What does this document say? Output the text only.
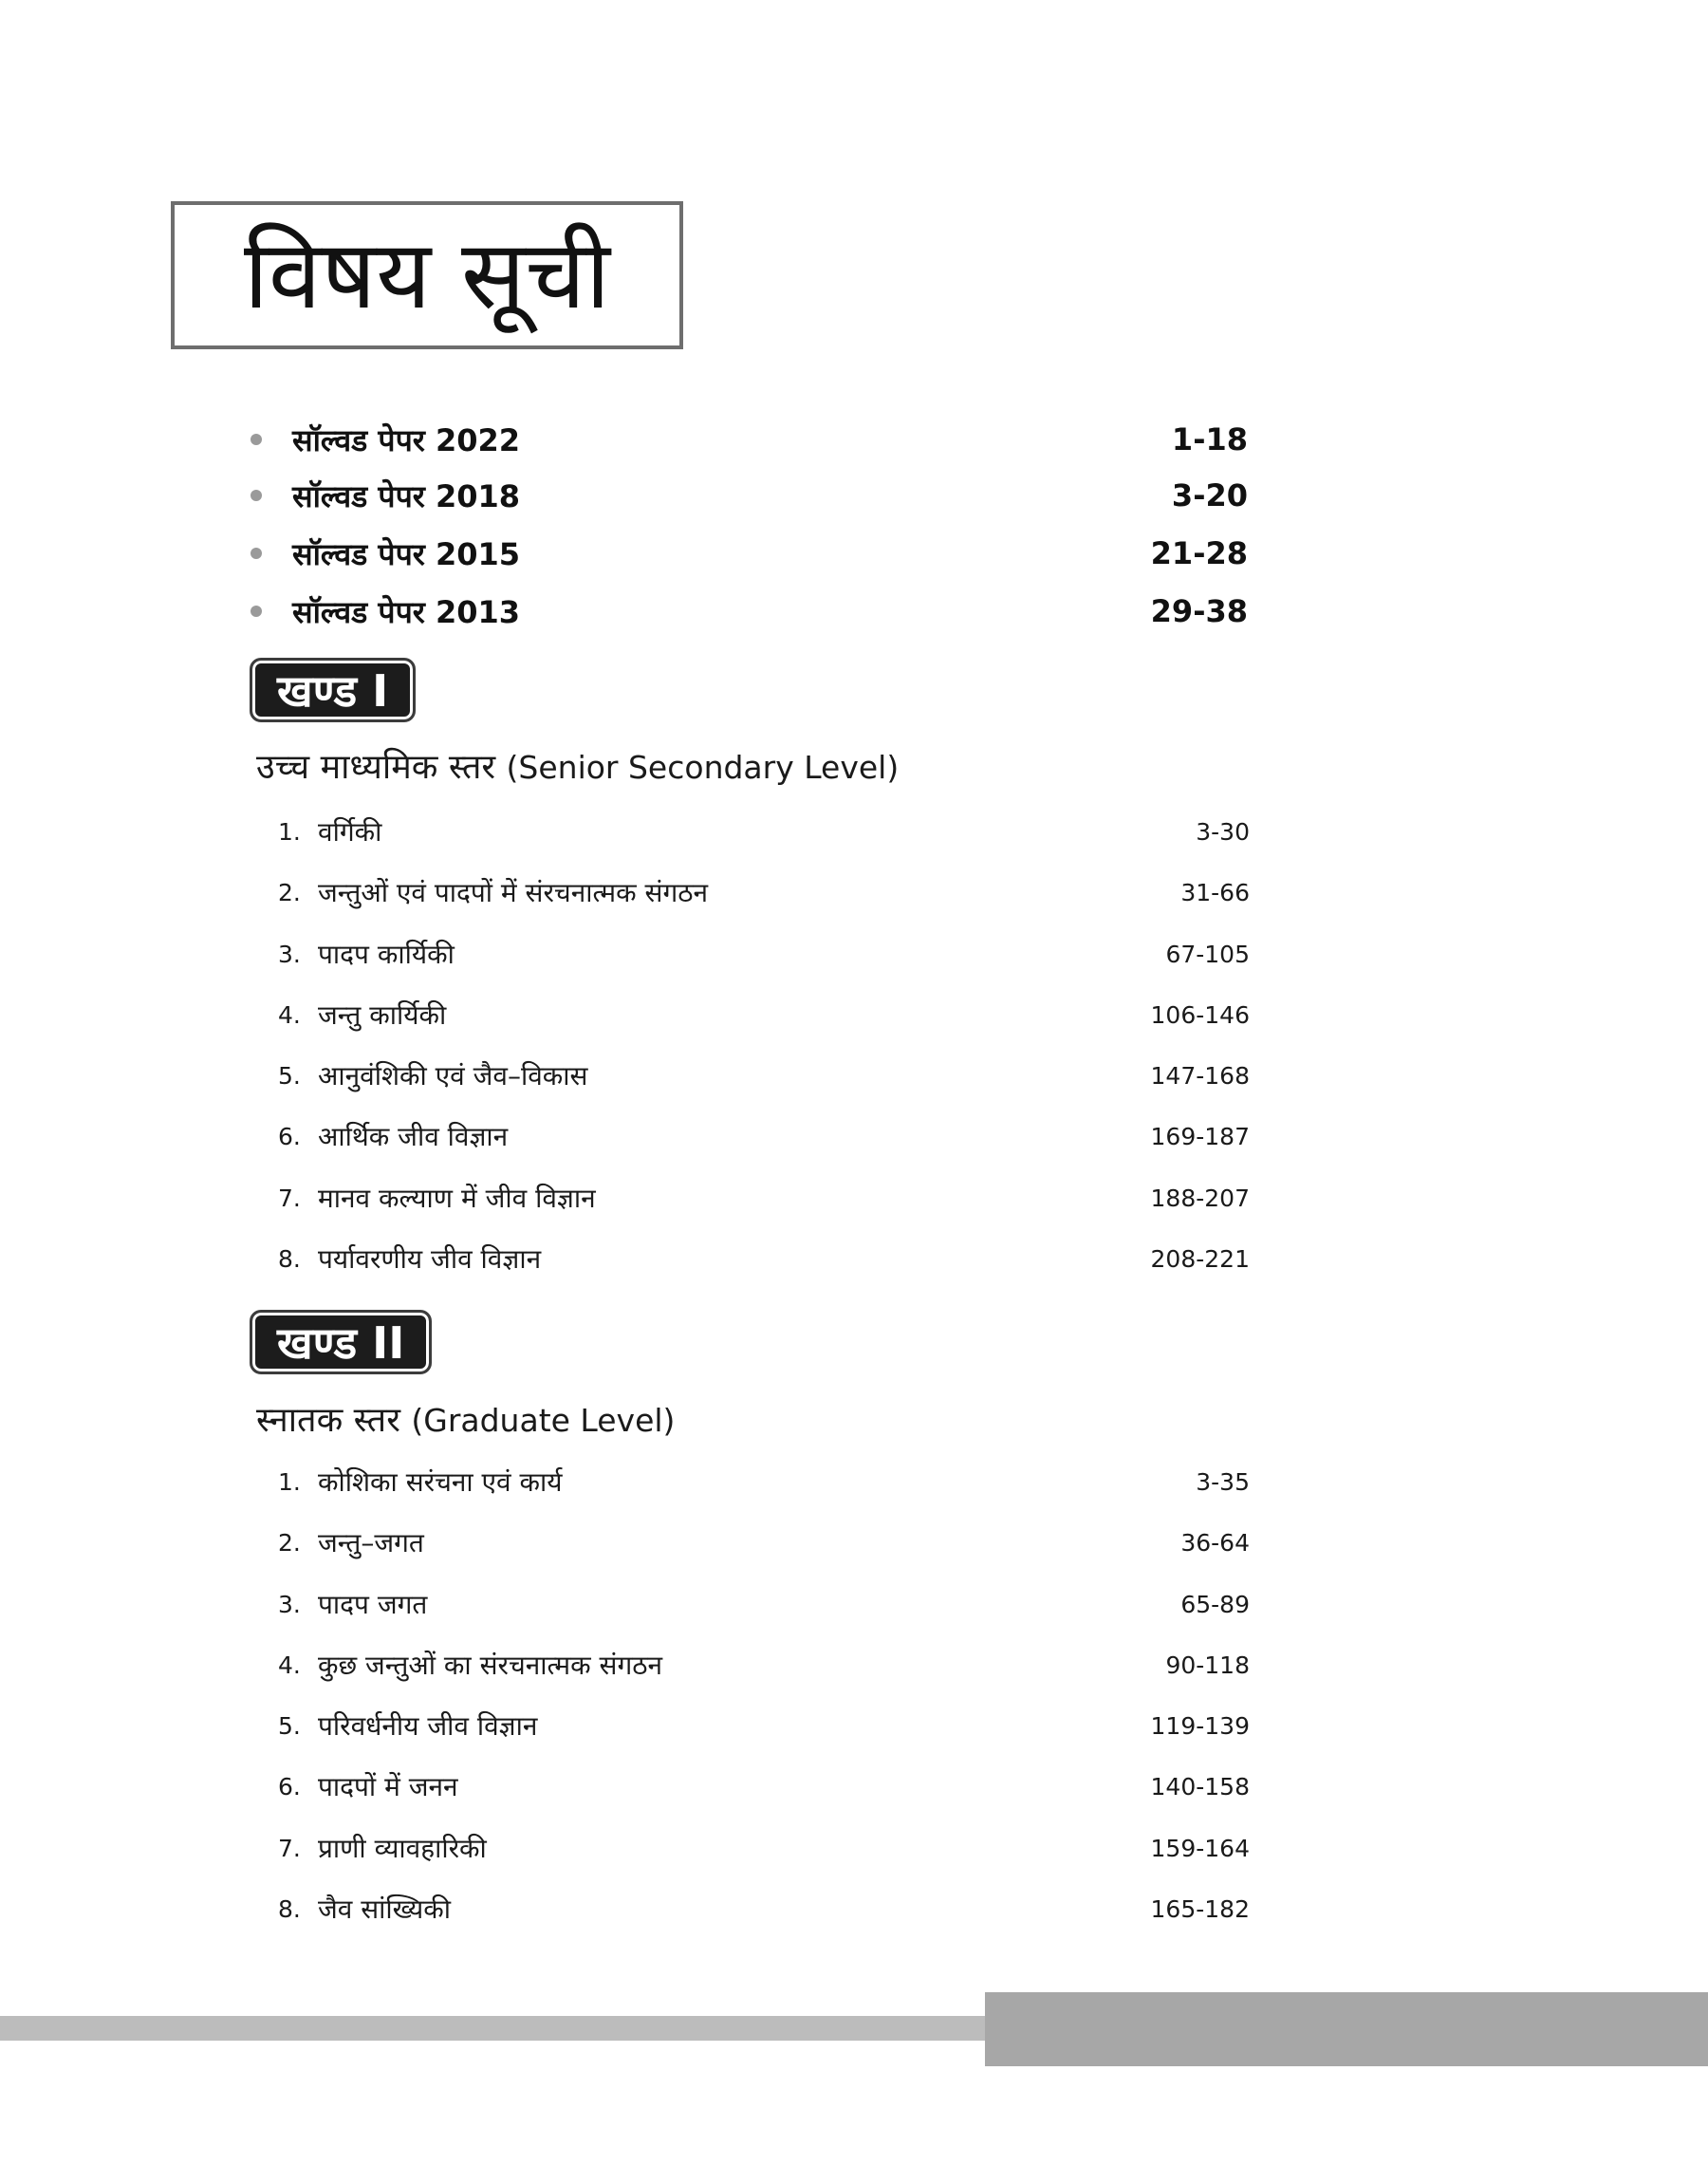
विषय सूची
सॉल्वड पेपर 2022	1-18
सॉल्वड पेपर 2018	3-20
सॉल्वड पेपर 2015	21-28
सॉल्वड पेपर 2013	29-38
खण्ड I
उच्च माध्यमिक स्तर (Senior Secondary Level)
1. वर्गिकी	3-30
2. जन्तुओं एवं पादपों में संरचनात्मक संगठन	31-66
3. पादप कार्यिकी	67-105
4. जन्तु कार्यिकी	106-146
5. आनुवंशिकी एवं जैव–विकास	147-168
6. आर्थिक जीव विज्ञान	169-187
7. मानव कल्याण में जीव विज्ञान	188-207
8. पर्यावरणीय जीव विज्ञान	208-221
खण्ड II
स्नातक स्तर (Graduate Level)
1. कोशिका सरंचना एवं कार्य	3-35
2. जन्तु–जगत	36-64
3. पादप जगत	65-89
4. कुछ जन्तुओं का संरचनात्मक संगठन	90-118
5. परिवर्धनीय जीव विज्ञान	119-139
6. पादपों में जनन	140-158
7. प्राणी व्यावहारिकी	159-164
8. जैव सांख्यिकी	165-182
